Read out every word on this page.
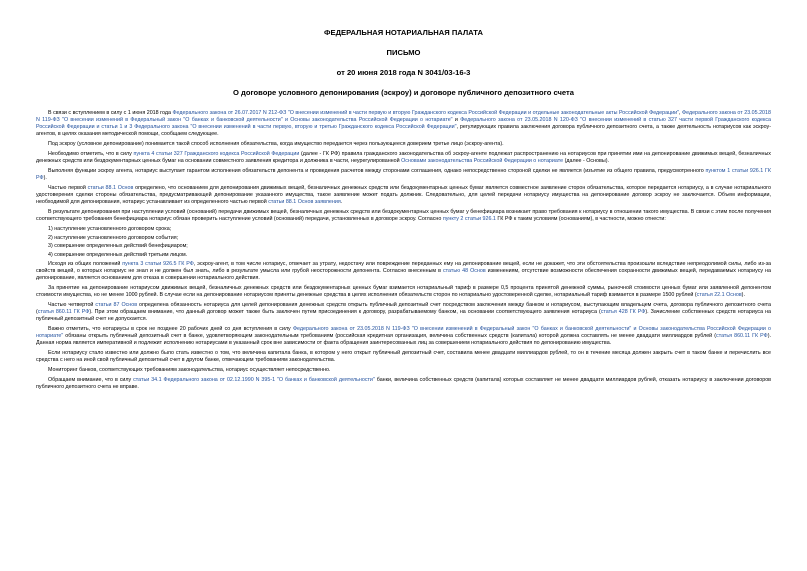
ФЕДЕРАЛЬНАЯ НОТАРИАЛЬНАЯ ПАЛАТА
ПИСЬМО
от 20 июня 2018 года N 3041/03-16-3
О договоре условного депонирования (эскроу) и договоре публичного депозитного счета

В связи с вступлением в силу с 1 июня 2018 года Федерального закона от 26.07.2017 N 212-ФЗ "О внесении изменений в части первую и вторую Гражданского кодекса Российской Федерации и отдельные законодательные акты Российской Федерации", Федерального закона от 23.05.2018 N 119-ФЗ "О внесении изменений в Федеральный закон "О банках и банковской деятельности" и Основы законодательства Российской Федерации о нотариате" и Федерального закона от 23.05.2018 N 120-ФЗ "О внесении изменений в статью 327 части первой Гражданского кодекса Российской Федерации и статьи 1 и 3 Федерального закона "О внесении изменений в части первую, вторую и третью Гражданского кодекса Российской Федерации", регулирующих правила заключения договора публичного депозитного счета, а также деятельность нотариусов как эскроу-агентов, в целях оказания методической помощи, сообщаем следующее.

Под эскроу (условное депонирование) понимается такой способ исполнения обязательства, когда имущество передается через пользующееся доверием третье лицо (эскроу-агента).

Необходимо отметить, что в силу пункта 4 статьи 327 Гражданского кодекса Российской Федерации (далее - ГК РФ) правила гражданского законодательства об эскроу-агенте подлежат распространению на нотариусов при принятии ими на депонирование движимых вещей, безналичных денежных средств или бездокументарных ценных бумаг на основании совместного заявления кредитора и должника в части, неурегулированной Основами законодательства Российской Федерации о нотариате (далее - Основы).

Выполняя функции эскроу агента, нотариус выступает гарантом исполнения обязательств депонента и проведения расчетов между сторонами соглашения, однако непосредственно стороной сделки не является (изъятие из общего правила, предусмотренного пунктом 1 статьи 926.1 ГК РФ).

Частью первой статьи 88.1 Основ определено, что основанием для депонирования движимых вещей, безналичных денежных средств или бездокументарных ценных бумаг является совместное заявление сторон обязательства, которое передается нотариусу, а в случае нотариального удостоверения сделки стороны обязательства, предусматривающей депонирование указанного имущества, такое заявление может подать должник. Следовательно, для целей передачи нотариусу имущества на депонирование договор эскроу не заключается. Объем информации, необходимой для депонирования, нотариус устанавливает из определенного частью первой статьи 88.1 Основ заявления.

В результате депонирования при наступлении условий (оснований) передачи движимых вещей, безналичных денежных средств или бездокументарных ценных бумаг у бенефициара возникает право требования к нотариусу в отношении такого имущества. В связи с этим после получения соответствующего требования бенефициара нотариус обязан проверить наступление условий (оснований) передачи, установленных в договоре эскроу. Согласно пункту 2 статьи 926.1 ГК РФ к таким условиям (основаниям), в частности, можно отнести:

1) наступление установленного договором срока;

2) наступление установленного договором события;

3) совершение определенных действий бенефициаром;

4) совершение определенных действий третьим лицом.

Исходя из общих положений пункта 3 статьи 926.5 ГК РФ, эскроу-агент, в том числе нотариус, отвечает за утрату, недостачу или повреждение переданных ему на депонирование вещей, если не докажет, что эти обстоятельства произошли вследствие непреодолимой силы, либо из-за свойств вещей, о которых нотариус не знал и не должен был знать, либо в результате умысла или грубой неосторожности депонента. Согласно внесенным в статью 48 Основ изменениям, отсутствие возможности обеспечения сохранности движимых вещей, передаваемых нотариусу на депонирование, является основанием для отказа в совершении нотариального действия.

За принятие на депонирование нотариусом движимых вещей, безналичных денежных средств или бездокументарных ценных бумаг взимается нотариальный тариф в размере 0,5 процента принятой денежной суммы, рыночной стоимости ценных бумаг или заявленной депонентом стоимости имущества, но не менее 1000 рублей. В случае если на депонирование нотариусом приняты денежные средства в целях исполнения обязательств сторон по нотариально удостоверенной сделке, нотариальный тариф взимается в размере 1500 рублей (статья 22.1 Основ).

Частью четвертой статьи 87 Основ определена обязанность нотариуса для целей депонирования денежных средств открыть публичный депозитный счет посредством заключения между банком и нотариусом, выступающим владельцем счета, договора публичного депозитного счета (статья 860.11 ГК РФ). При этом обращаем внимание, что данный договор может также быть заключен путем присоединения к договору, разрабатываемому банком, на основании соответствующего заявления нотариуса (статья 428 ГК РФ). Зачисление собственных средств нотариуса на публичный депозитный счет не допускается.

Важно отметить, что нотариусы в срок не позднее 20 рабочих дней со дня вступления в силу Федерального закона от 23.05.2018 N 119-ФЗ "О внесении изменений в Федеральный закон "О банках и банковской деятельности" и Основы законодательства Российской Федерации о нотариате" обязаны открыть публичный депозитный счет в банке, удовлетворяющем законодательным требованиям (российская кредитная организация, величина собственных средств (капитала) которой должна составлять не менее двадцати миллиардов рублей (статья 860.11 ГК РФ). Данная норма является императивной и подлежит исполнению нотариусами в указанный срок вне зависимости от факта обращения заинтересованных лиц за совершением нотариального действия по депонированию имущества.

Если нотариусу стало известно или должно было стать известно о том, что величина капитала банка, в котором у него открыт публичный депозитный счет, составила менее двадцати миллиардов рублей, то он в течение месяца должен закрыть счет в таком банке и перечислить все средства с него на иной свой публичный депозитный счет в другом банке, отвечающем требованиям законодательства.

Мониторинг банков, соответствующих требованиям законодательства, нотариус осуществляет непосредственно.

Обращаем внимание, что в силу статьи 34.1 Федерального закона от 02.12.1990 N 395-1 "О банках и банковской деятельности" банки, величина собственных средств (капитала) которых составляет не менее двадцати миллиардов рублей, отказать нотариусу в заключении договоров публичного депозитного счета не вправе.
